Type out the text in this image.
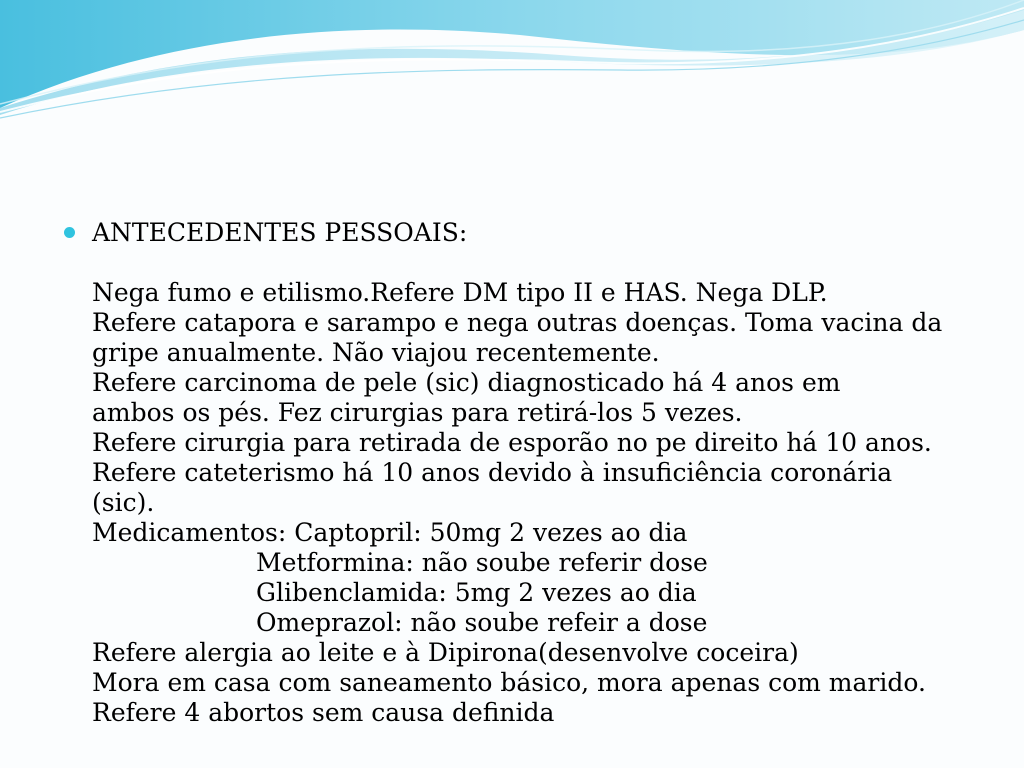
ANTECEDENTES PESSOAIS:
Nega fumo e etilismo.Refere DM tipo II e HAS. Nega DLP.
Refere catapora e sarampo e nega outras doenças. Toma vacina da
gripe anualmente. Não viajou recentemente.
Refere carcinoma de pele (sic) diagnosticado há 4 anos em
ambos os pés. Fez cirurgias para retirá-los 5 vezes.
Refere cirurgia para retirada de esporão no pe direito há 10 anos.
Refere cateterismo há 10 anos devido à insuficiência coronária
(sic).
Medicamentos: Captopril: 50mg 2 vezes ao dia
Metformina: não soube referir dose
Glibenclamida: 5mg 2 vezes ao dia
Omeprazol: não soube refeir a dose
Refere alergia ao leite e à Dipirona(desenvolve coceira)
Mora em casa com saneamento básico, mora apenas com marido.
Refere 4 abortos sem causa definida
